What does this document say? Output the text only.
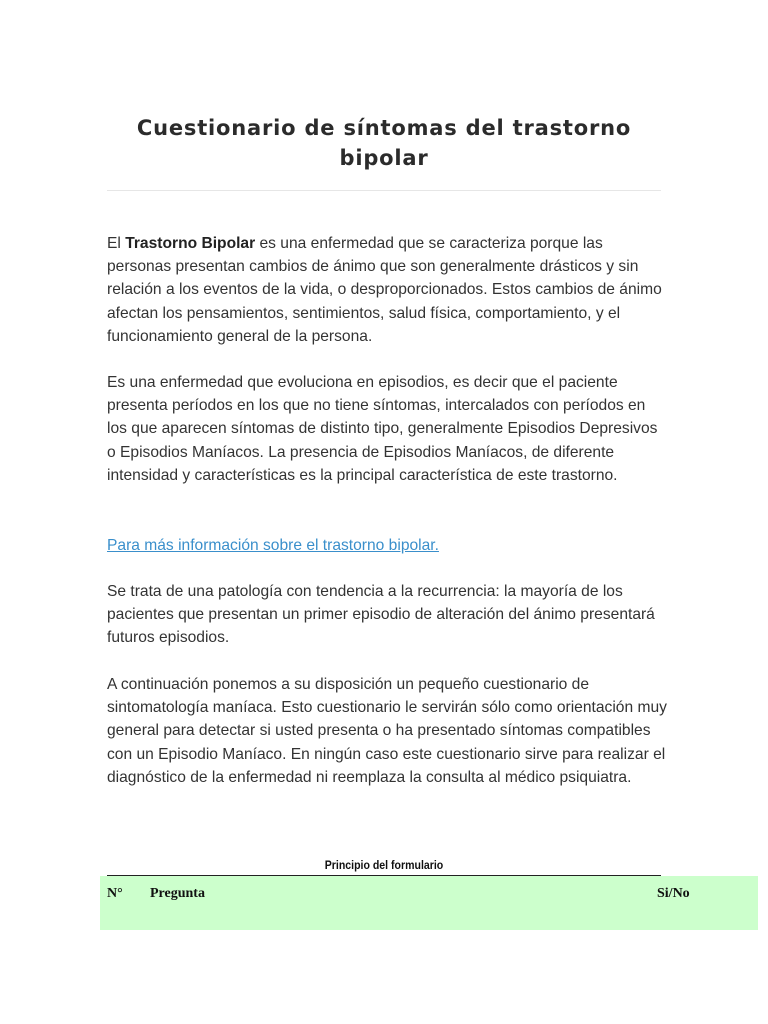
Cuestionario de síntomas del trastorno bipolar

El Trastorno Bipolar es una enfermedad que se caracteriza porque las personas presentan cambios de ánimo que son generalmente drásticos y sin relación a los eventos de la vida, o desproporcionados. Estos cambios de ánimo afectan los pensamientos, sentimientos, salud física, comportamiento, y el funcionamiento general de la persona.

Es una enfermedad que evoluciona en episodios, es decir que el paciente presenta períodos en los que no tiene síntomas, intercalados con períodos en los que aparecen síntomas de distinto tipo, generalmente Episodios Depresivos o Episodios Maníacos. La presencia de Episodios Maníacos, de diferente intensidad y características es la principal característica de este trastorno.

Para más información sobre el trastorno bipolar.

Se trata de una patología con tendencia a la recurrencia: la mayoría de los pacientes que presentan un primer episodio de alteración del ánimo presentará futuros episodios.

A continuación ponemos a su disposición un pequeño cuestionario de sintomatología maníaca. Esto cuestionario le servirán sólo como orientación muy general para detectar si usted presenta o ha presentado síntomas compatibles con un Episodio Maníaco. En ningún caso este cuestionario sirve para realizar el diagnóstico de la enfermedad ni reemplaza la consulta al médico psiquiatra.

Principio del formulario
N° Pregunta	Si/No
